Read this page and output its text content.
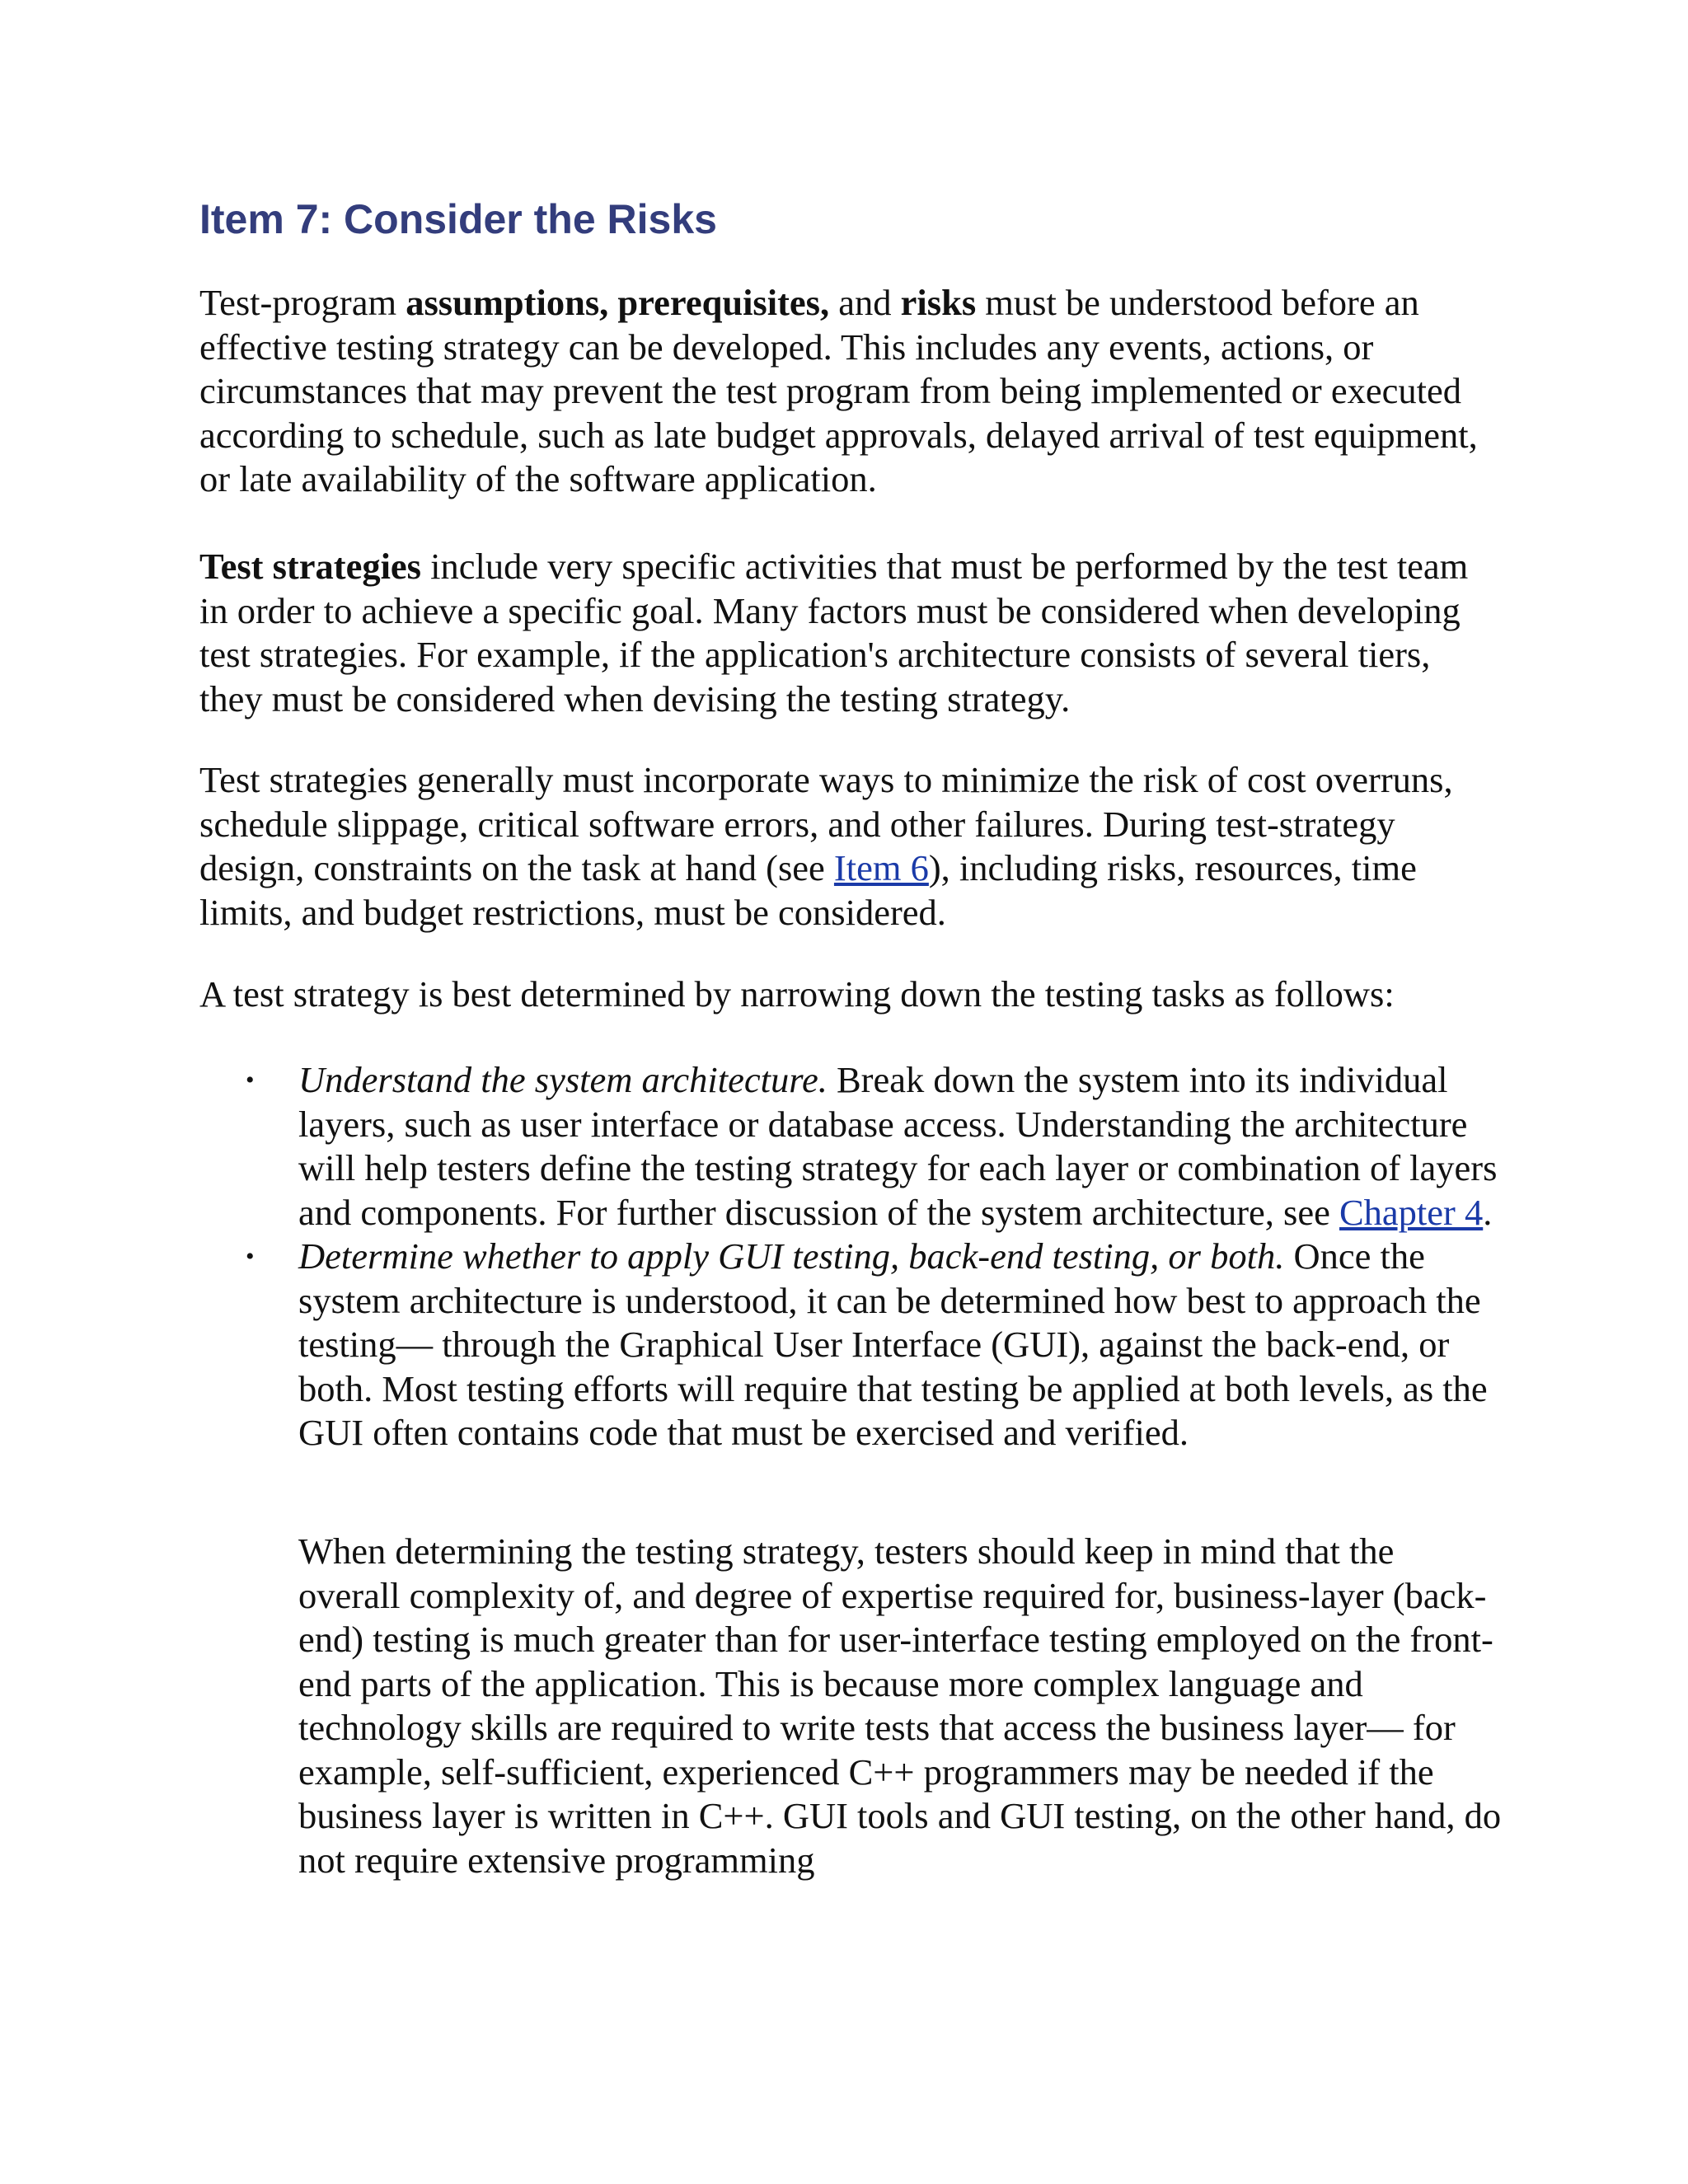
Item 7: Consider the Risks

Test-program assumptions, prerequisites, and risks must be understood before an effective testing strategy can be developed. This includes any events, actions, or circumstances that may prevent the test program from being implemented or executed according to schedule, such as late budget approvals, delayed arrival of test equipment, or late availability of the software application.

Test strategies include very specific activities that must be performed by the test team in order to achieve a specific goal. Many factors must be considered when developing test strategies. For example, if the application's architecture consists of several tiers, they must be considered when devising the testing strategy.

Test strategies generally must incorporate ways to minimize the risk of cost overruns, schedule slippage, critical software errors, and other failures. During test-strategy design, constraints on the task at hand (see Item 6), including risks, resources, time limits, and budget restrictions, must be considered.

A test strategy is best determined by narrowing down the testing tasks as follows:

• Understand the system architecture. Break down the system into its individual layers, such as user interface or database access. Understanding the architecture will help testers define the testing strategy for each layer or combination of layers and components. For further discussion of the system architecture, see Chapter 4.
• Determine whether to apply GUI testing, back-end testing, or both. Once the system architecture is understood, it can be determined how best to approach the testing— through the Graphical User Interface (GUI), against the back-end, or both. Most testing efforts will require that testing be applied at both levels, as the GUI often contains code that must be exercised and verified.

When determining the testing strategy, testers should keep in mind that the overall complexity of, and degree of expertise required for, business-layer (back-end) testing is much greater than for user-interface testing employed on the front-end parts of the application. This is because more complex language and technology skills are required to write tests that access the business layer— for example, self-sufficient, experienced C++ programmers may be needed if the business layer is written in C++. GUI tools and GUI testing, on the other hand, do not require extensive programming
